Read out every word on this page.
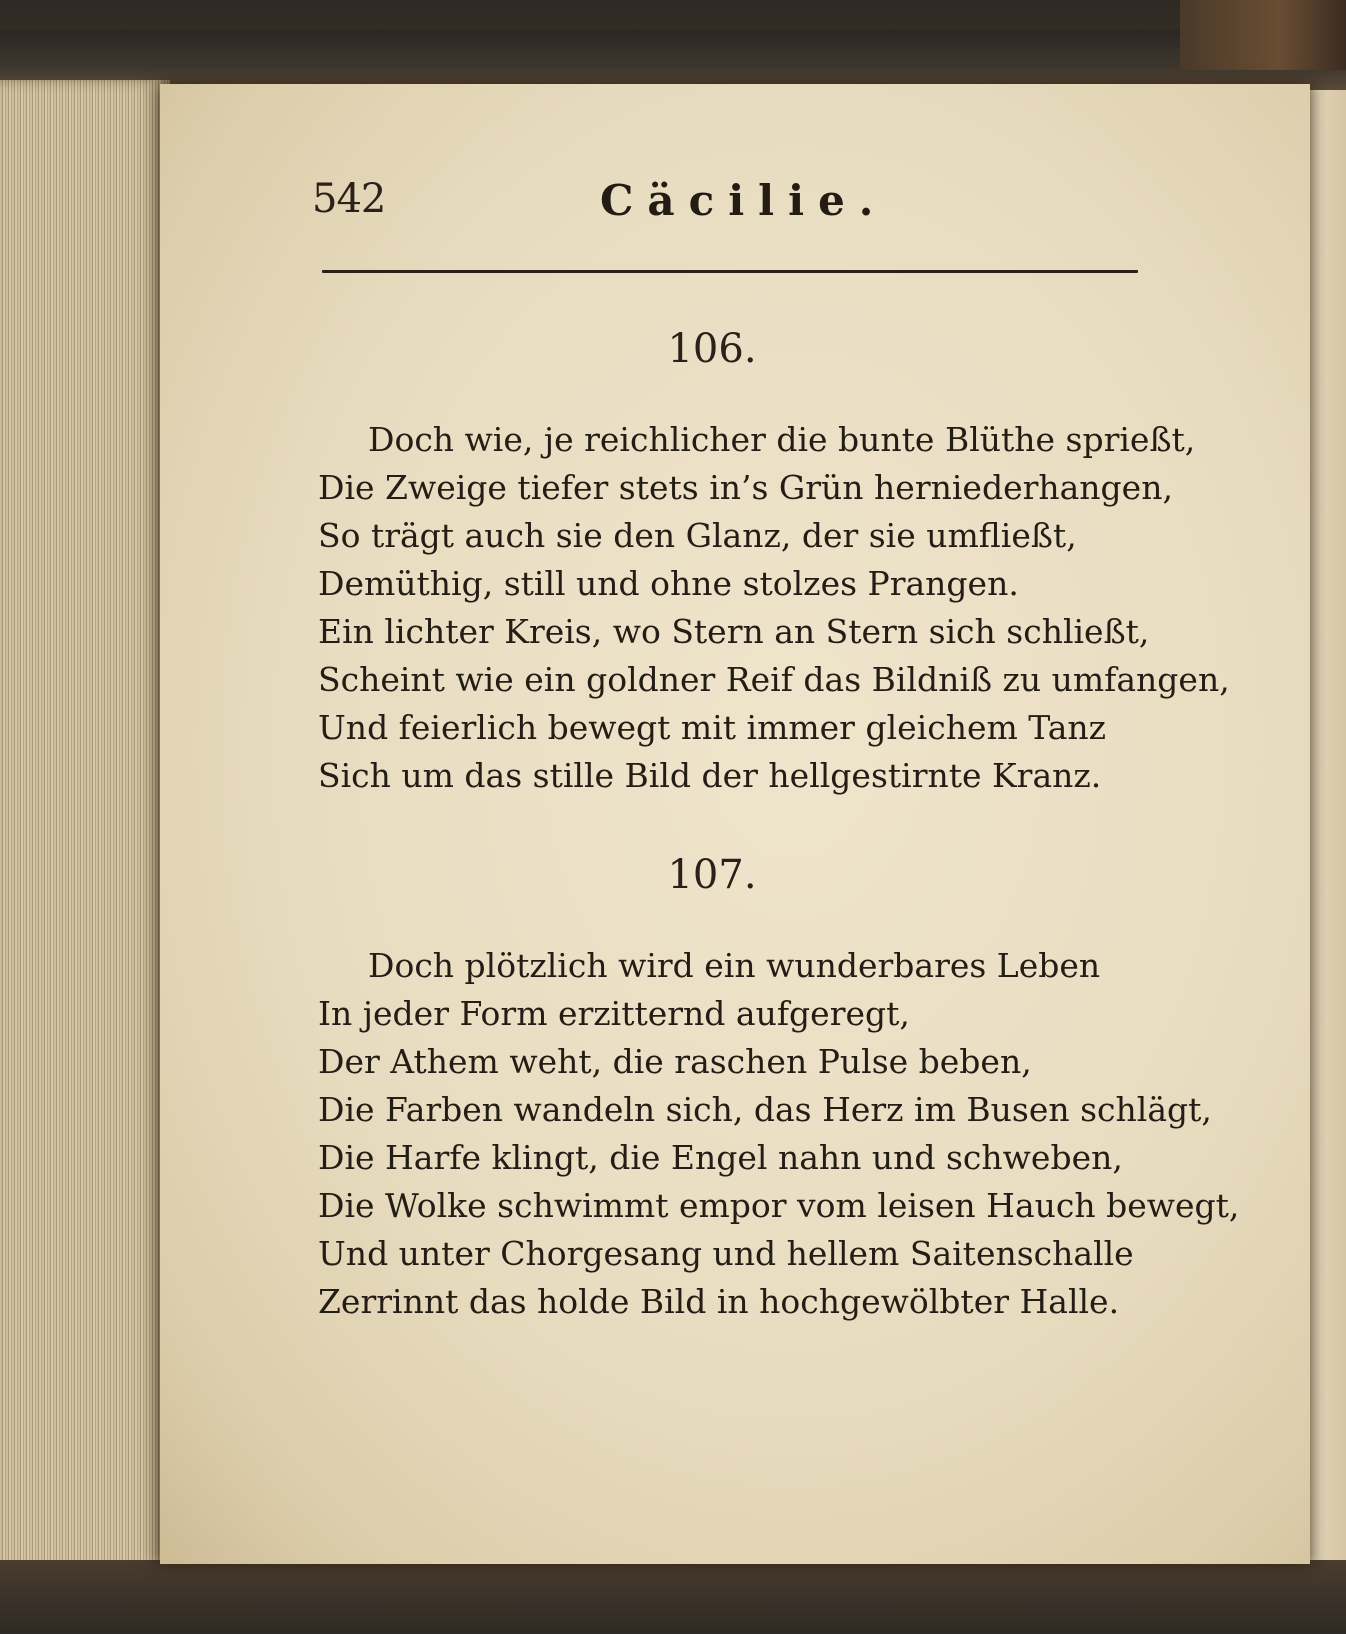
542	Cäcilie.
106.
Doch wie, je reichlicher die bunte Blüthe sprießt,
Die Zweige tiefer stets in’s Grün herniederhangen,
So trägt auch sie den Glanz, der sie umfließt,
Demüthig, still und ohne stolzes Prangen.
Ein lichter Kreis, wo Stern an Stern sich schließt,
Scheint wie ein goldner Reif das Bildniß zu umfangen,
Und feierlich bewegt mit immer gleichem Tanz
Sich um das stille Bild der hellgestirnte Kranz.
107.
Doch plötzlich wird ein wunderbares Leben
In jeder Form erzitternd aufgeregt,
Der Athem weht, die raschen Pulse beben,
Die Farben wandeln sich, das Herz im Busen schlägt,
Die Harfe klingt, die Engel nahn und schweben,
Die Wolke schwimmt empor vom leisen Hauch bewegt,
Und unter Chorgesang und hellem Saitenschalle
Zerrinnt das holde Bild in hochgewölbter Halle.
